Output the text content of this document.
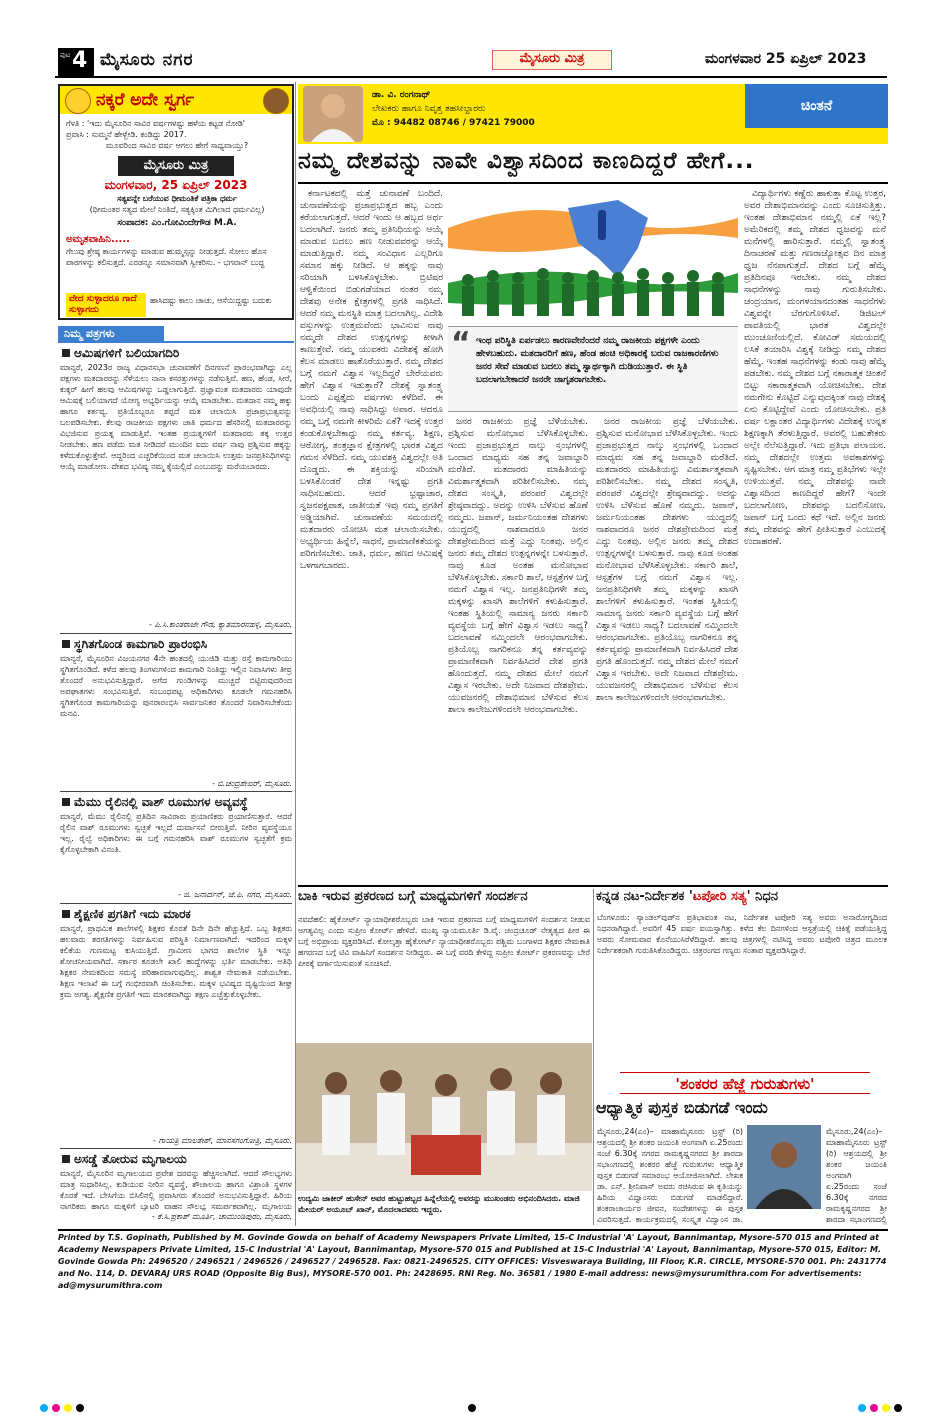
ಪುಟ 4 ಮೈಸೂರು ನಗರ	ಮೈಸೂರು ಮಿತ್ರ	ಮಂಗಳವಾರ 25 ಏಪ್ರಿಲ್ 2023
ನಕ್ಕರೆ ಅದೇ ಸ್ವರ್ಗ
ಗೆಳತಿ : 'ಇದು ಮೈಸೂರಿನ ಸಾವಿರ ವರ್ಷಗಳಷ್ಟು ಹಳೆಯ ಕಟ್ಟಡ ನೋಡಿ'
ಪ್ರವಾಸಿ : ಸುಮ್ಮನೆ ಹೇಳ್ಬೇಡಿ. ಕಂಡಿದ್ದು 2017.
ಮೂವರಿಂದ ಸಾವಿರ ವರ್ಷ ಆಗಲು ಹೇಗೆ ಸಾಧ್ಯವಾಯ್ತು?
ಮೈಸೂರು ಮಿತ್ರ
ಮಂಗಳವಾರ, 25 ಏಪ್ರಿಲ್ 2023
ಸತ್ಯವನ್ನೇ ಬರೆಯುವ ಧೀಮಂತಿಕೆ ಪತ್ರಿಕಾ ಧರ್ಮ
(ಧೀಮಂತರ ಸತ್ಯದ ಮೇಲೆ ನಿಂತಿದೆ, ಸತ್ಯಕ್ಕಿಂತ ಮಿಗಿಲಾದ ಧರ್ಮವಿಲ್ಲ)
ಸಂಪಾದಕ: ಎಂ.ಗೋವಿಂದೇಗೌಡ M.A.
ಅಮೃತವಾಹಿನಿ.....
ಗೆಲುವು ಶ್ರೇಷ್ಠ ಕಾರ್ಯಗಳನ್ನು ಮಾಡುವ ಹುಮ್ಮಸ್ಸನ್ನು ನೀಡುತ್ತದೆ. ಸೋಲು ಹೊಸ ಪಾಠಗಳನ್ನು ಕಲಿಸುತ್ತದೆ. ಎರಡನ್ನೂ ಸಮಾನವಾಗಿ ಸ್ವೀಕರಿಸು. - ಭಗವಾನ್ ಬುದ್ಧ
ವೇದ ಸುಳ್ಳಾದರೂ ಗಾದೆ ಸುಳ್ಳಾಗದು
ಹಾಸಿದಷ್ಟು ಕಾಲು ಚಾಚು, ಆಸೆಯಿದ್ದಷ್ಟು ಬದುಕು
ನಿಮ್ಮ ಪತ್ರಗಳು
ಆಮಿಷಗಳಿಗೆ ಬಲಿಯಾಗದಿರಿ
ಮಾನ್ಯರೆ, 2023ರ ರಾಜ್ಯ ವಿಧಾನಸಭಾ ಚುನಾವಣೆಗೆ ದಿನಗಣನೆ ಪ್ರಾರಂಭವಾಗಿದ್ದು ಎಲ್ಲ ಪಕ್ಷಗಳು ಮತದಾರರನ್ನು ಸೆಳೆಯಲು ನಾನಾ ಕಸರತ್ತುಗಳನ್ನು ನಡೆಸುತ್ತಿವೆ. ಹಣ, ಹೆಂಡ, ಸೀರೆ, ಕುಕ್ಕರ್ ಹೀಗೆ ಹಲವು ಆಮಿಷಗಳನ್ನು ಒಡ್ಡಲಾಗುತ್ತಿದೆ. ಪ್ರಜ್ಞಾವಂತ ಮತದಾರರು ಯಾವುದೇ ಆಮಿಷಕ್ಕೆ ಬಲಿಯಾಗದೆ ಯೋಗ್ಯ ಅಭ್ಯರ್ಥಿಯನ್ನು ಆಯ್ಕೆ ಮಾಡಬೇಕು. ಮತದಾನ ನಮ್ಮ ಹಕ್ಕು ಹಾಗೂ ಕರ್ತವ್ಯ. ಪ್ರತಿಯೊಬ್ಬರೂ ತಪ್ಪದೆ ಮತ ಚಲಾಯಿಸಿ ಪ್ರಜಾಪ್ರಭುತ್ವವನ್ನು ಬಲಪಡಿಸಬೇಕು. ಕೆಲವು ರಾಜಕೀಯ ಪಕ್ಷಗಳು ಜಾತಿ ಧರ್ಮದ ಹೆಸರಿನಲ್ಲಿ ಮತದಾರರನ್ನು ವಿಭಜಿಸುವ ಪ್ರಯತ್ನ ಮಾಡುತ್ತಿವೆ. ಇಂತಹ ಪ್ರಯತ್ನಗಳಿಗೆ ಮತದಾರರು ತಕ್ಕ ಉತ್ತರ ನೀಡಬೇಕು. ಹಣ ಪಡೆದು ಮತ ನೀಡಿದರೆ ಮುಂದಿನ ಐದು ವರ್ಷ ನಾವು ಪ್ರಶ್ನಿಸುವ ಹಕ್ಕನ್ನು ಕಳೆದುಕೊಳ್ಳುತ್ತೇವೆ. ಆದ್ದರಿಂದ ಎಚ್ಚರಿಕೆಯಿಂದ ಮತ ಚಲಾಯಿಸಿ ಉತ್ತಮ ಜನಪ್ರತಿನಿಧಿಗಳನ್ನು ಆಯ್ಕೆ ಮಾಡೋಣ. ದೇಶದ ಭವಿಷ್ಯ ನಮ್ಮ ಕೈಯಲ್ಲಿದೆ ಎಂಬುದನ್ನು ಮರೆಯಬಾರದು.
- ಪಿ.ಸಿ.ಕಾಂತರಾಜೇ ಗೌಡ, ಕ್ಯಾತಮಾರನಹಳ್ಳಿ, ಮೈಸೂರು.
ಸ್ಥಗಿತಗೊಂಡ ಕಾಮಗಾರಿ ಪ್ರಾರಂಭಿಸಿ
ಮಾನ್ಯರೆ, ಮೈಸೂರಿನ ವಿಜಯನಗರ 4ನೇ ಹಂತದಲ್ಲಿ ಯುಜಿಡಿ ಮತ್ತು ರಸ್ತೆ ಕಾಮಗಾರಿಯು ಸ್ಥಗಿತಗೊಂಡಿದೆ. ಕಳೆದ ಹಲವು ತಿಂಗಳುಗಳಿಂದ ಕಾಮಗಾರಿ ನಿಂತಿದ್ದು ಇಲ್ಲಿನ ನಿವಾಸಿಗಳು ತೀವ್ರ ತೊಂದರೆ ಅನುಭವಿಸುತ್ತಿದ್ದಾರೆ. ಅಗೆದ ಗುಂಡಿಗಳನ್ನು ಮುಚ್ಚದೆ ಬಿಟ್ಟಿರುವುದರಿಂದ ಅಪಘಾತಗಳು ಸಂಭವಿಸುತ್ತಿವೆ. ಸಂಬಂಧಪಟ್ಟ ಅಧಿಕಾರಿಗಳು ಕೂಡಲೇ ಗಮನಹರಿಸಿ ಸ್ಥಗಿತಗೊಂಡ ಕಾಮಗಾರಿಯನ್ನು ಪುನರಾರಂಭಿಸಿ ಸಾರ್ವಜನಿಕರ ತೊಂದರೆ ನಿವಾರಿಸಬೇಕೆಂದು ಮನವಿ.
- ಬಿ.ಚಂದ್ರಶೇಖರ್, ಮೈಸೂರು.
ಮೆಮು ರೈಲಿನಲ್ಲಿ ವಾಶ್ ರೂಮುಗಳ ಅವ್ಯವಸ್ಥೆ
ಮಾನ್ಯರೆ, ಮೆಮು ರೈಲಿನಲ್ಲಿ ಪ್ರತಿದಿನ ಸಾವಿರಾರು ಪ್ರಯಾಣಿಕರು ಪ್ರಯಾಣಿಸುತ್ತಾರೆ. ಆದರೆ ರೈಲಿನ ವಾಶ್ ರೂಮುಗಳು ಸ್ವಚ್ಛತೆ ಇಲ್ಲದೆ ದುರ್ವಾಸನೆ ಬೀರುತ್ತಿವೆ. ನೀರಿನ ವ್ಯವಸ್ಥೆಯೂ ಇಲ್ಲ. ರೈಲ್ವೆ ಅಧಿಕಾರಿಗಳು ಈ ಬಗ್ಗೆ ಗಮನಹರಿಸಿ ವಾಶ್ ರೂಮುಗಳ ಸ್ವಚ್ಛತೆಗೆ ಕ್ರಮ ಕೈಗೊಳ್ಳಬೇಕಾಗಿ ವಿನಂತಿ.
- ಜಿ. ಜನಾರ್ದನ್, ಜೆ.ಪಿ. ನಗರ, ಮೈಸೂರು.
ಶೈಕ್ಷಣಿಕ ಪ್ರಗತಿಗೆ ಇದು ಮಾರಕ
ಮಾನ್ಯರೆ, ಪ್ರಾಥಮಿಕ ಶಾಲೆಗಳಲ್ಲಿ ಶಿಕ್ಷಕರ ಕೊರತೆ ದಿನೇ ದಿನೇ ಹೆಚ್ಚುತ್ತಿದೆ. ಒಬ್ಬ ಶಿಕ್ಷಕರು ಹಲವಾರು ತರಗತಿಗಳನ್ನು ನಿರ್ವಹಿಸುವ ಪರಿಸ್ಥಿತಿ ನಿರ್ಮಾಣವಾಗಿದೆ. ಇದರಿಂದ ಮಕ್ಕಳ ಕಲಿಕೆಯ ಗುಣಮಟ್ಟ ಕುಸಿಯುತ್ತಿದೆ. ಗ್ರಾಮೀಣ ಭಾಗದ ಶಾಲೆಗಳ ಸ್ಥಿತಿ ಇನ್ನೂ ಶೋಚನೀಯವಾಗಿದೆ. ಸರ್ಕಾರ ಕೂಡಲೇ ಖಾಲಿ ಹುದ್ದೆಗಳನ್ನು ಭರ್ತಿ ಮಾಡಬೇಕು. ಅತಿಥಿ ಶಿಕ್ಷಕರ ನೇಮಕದಿಂದ ಸಮಸ್ಯೆ ಪರಿಹಾರವಾಗುವುದಿಲ್ಲ. ಶಾಶ್ವತ ನೇಮಕಾತಿ ನಡೆಯಬೇಕು. ಶಿಕ್ಷಣ ಇಲಾಖೆ ಈ ಬಗ್ಗೆ ಗಂಭೀರವಾಗಿ ಚಿಂತಿಸಬೇಕು. ಮಕ್ಕಳ ಭವಿಷ್ಯದ ದೃಷ್ಟಿಯಿಂದ ಶೀಘ್ರ ಕ್ರಮ ಅಗತ್ಯ. ಶೈಕ್ಷಣಿಕ ಪ್ರಗತಿಗೆ ಇದು ಮಾರಕವಾಗಿದ್ದು ತಕ್ಷಣ ಎಚ್ಚೆತ್ತುಕೊಳ್ಳಬೇಕು.
- ಗಾಯತ್ರಿ ಮಾಲತೇಶ್, ಮಾನಸಗಂಗೋತ್ರಿ, ಮೈಸೂರು.
ಅಸಡ್ಡೆ ತೋರುವ ಮೃಗಾಲಯ
ಮಾನ್ಯರೆ, ಮೈಸೂರಿನ ಮೃಗಾಲಯದ ಪ್ರವೇಶ ದರವನ್ನು ಹೆಚ್ಚಿಸಲಾಗಿದೆ. ಆದರೆ ಸೌಲಭ್ಯಗಳು ಮಾತ್ರ ಸುಧಾರಿಸಿಲ್ಲ. ಕುಡಿಯುವ ನೀರಿನ ವ್ಯವಸ್ಥೆ, ಶೌಚಾಲಯ ಹಾಗೂ ವಿಶ್ರಾಂತಿ ಸ್ಥಳಗಳ ಕೊರತೆ ಇದೆ. ಬೇಸಿಗೆಯ ಬಿಸಿಲಿನಲ್ಲಿ ಪ್ರವಾಸಿಗರು ತೊಂದರೆ ಅನುಭವಿಸುತ್ತಿದ್ದಾರೆ. ಹಿರಿಯ ನಾಗರಿಕರು ಹಾಗೂ ಮಕ್ಕಳಿಗೆ ಬ್ಯಾಟರಿ ವಾಹನ ಸೌಲಭ್ಯ ಸಮರ್ಪಕವಾಗಿಲ್ಲ. ಮೃಗಾಲಯ
- ಕೆ.ಸಿ.ಪ್ರಕಾಶ್ ಮೂರ್ತಿ, ಚಾಮುಂಡಿಪುರಂ, ಮೈಸೂರು.
ಡಾ. ವಿ. ರಂಗನಾಥ್
ಲೇಖಕರು ಹಾಗೂ ನಿವೃತ್ತ ತಹಸೀಲ್ದಾರರು
ಮೊ : 94482 08746 / 97421 79000
ಚಿಂತನೆ
ನಮ್ಮ ದೇಶವನ್ನು ನಾವೇ ವಿಶ್ವಾಸದಿಂದ ಕಾಣದಿದ್ದರೆ ಹೇಗೆ...

ಕರ್ನಾಟಕದಲ್ಲಿ ಮತ್ತೆ ಚುನಾವಣೆ ಬಂದಿದೆ. ಚುನಾವಣೆಯನ್ನು ಪ್ರಜಾಪ್ರಭುತ್ವದ ಹಬ್ಬ ಎಂದು ಕರೆಯಲಾಗುತ್ತದೆ. ಆದರೆ ಇಂದು ಆ ಹಬ್ಬದ ಅರ್ಥ ಬದಲಾಗಿದೆ. ಜನರು ತಮ್ಮ ಪ್ರತಿನಿಧಿಯನ್ನು ಆಯ್ಕೆ ಮಾಡುವ ಬದಲು ಹಣ ನೀಡುವವರನ್ನು ಆಯ್ಕೆ ಮಾಡುತ್ತಿದ್ದಾರೆ. ನಮ್ಮ ಸಂವಿಧಾನ ಎಲ್ಲರಿಗೂ ಸಮಾನ ಹಕ್ಕು ನೀಡಿದೆ. ಆ ಹಕ್ಕನ್ನು ನಾವು ಸರಿಯಾಗಿ ಬಳಸಿಕೊಳ್ಳಬೇಕು. ಬ್ರಿಟಿಷರ ಆಳ್ವಿಕೆಯಿಂದ ಬಿಡುಗಡೆಯಾದ ನಂತರ ನಮ್ಮ ದೇಶವು ಅನೇಕ ಕ್ಷೇತ್ರಗಳಲ್ಲಿ ಪ್ರಗತಿ ಸಾಧಿಸಿದೆ. ಆದರೆ ನಮ್ಮ ಮನಸ್ಥಿತಿ ಮಾತ್ರ ಬದಲಾಗಿಲ್ಲ. ವಿದೇಶಿ ವಸ್ತುಗಳನ್ನು ಉತ್ತಮವೆಂದು ಭಾವಿಸುವ ನಾವು ನಮ್ಮದೇ ದೇಶದ ಉತ್ಪನ್ನಗಳನ್ನು ಕೀಳಾಗಿ ಕಾಣುತ್ತೇವೆ. ನಮ್ಮ ಯುವಕರು ವಿದೇಶಕ್ಕೆ ಹೋಗಿ ಕೆಲಸ ಮಾಡಲು ಹಾತೊರೆಯುತ್ತಾರೆ. ನಮ್ಮ ದೇಶದ ಬಗ್ಗೆ ನಮಗೆ ವಿಶ್ವಾಸ ಇಲ್ಲದಿದ್ದರೆ ಬೇರೆಯವರು ಹೇಗೆ ವಿಶ್ವಾಸ ಇಡುತ್ತಾರೆ? ದೇಶಕ್ಕೆ ಸ್ವಾತಂತ್ರ್ಯ ಬಂದು ಎಪ್ಪತ್ತೈದು ವರ್ಷಗಳು ಕಳೆದಿವೆ. ಈ ಅವಧಿಯಲ್ಲಿ ನಾವು ಸಾಧಿಸಿದ್ದು ಅಪಾರ. ಆದರೂ ನಮ್ಮ ಬಗ್ಗೆ ನಮಗೇ ಕೀಳರಿಮೆ ಏಕೆ? ಇದಕ್ಕೆ ಉತ್ತರ ಕಂಡುಕೊಳ್ಳಬೇಕಾದ್ದು ನಮ್ಮ ಕರ್ತವ್ಯ. ಶಿಕ್ಷಣ, ಆರೋಗ್ಯ, ತಂತ್ರಜ್ಞಾನ ಕ್ಷೇತ್ರಗಳಲ್ಲಿ ಭಾರತ ವಿಶ್ವದ ಗಮನ ಸೆಳೆದಿದೆ. ನಮ್ಮ ಯುವಶಕ್ತಿ ವಿಶ್ವದಲ್ಲೇ ಅತಿ ದೊಡ್ಡದು. ಈ ಶಕ್ತಿಯನ್ನು ಸರಿಯಾಗಿ ಬಳಸಿಕೊಂಡರೆ ದೇಶ ಇನ್ನಷ್ಟು ಪ್ರಗತಿ ಸಾಧಿಸಬಹುದು. ಆದರೆ ಭ್ರಷ್ಟಾಚಾರ, ಸ್ವಜನಪಕ್ಷಪಾತ, ಜಾತೀಯತೆ ಇವು ನಮ್ಮ ಪ್ರಗತಿಗೆ ಅಡ್ಡಿಯಾಗಿವೆ. ಚುನಾವಣೆಯ ಸಮಯದಲ್ಲಿ ಮತದಾರರು ಯೋಚಿಸಿ ಮತ ಚಲಾಯಿಸಬೇಕು. ಅಭ್ಯರ್ಥಿಯ ಹಿನ್ನೆಲೆ, ಸಾಧನೆ, ಪ್ರಾಮಾಣಿಕತೆಯನ್ನು ಪರಿಗಣಿಸಬೇಕು. ಜಾತಿ, ಧರ್ಮ, ಹಣದ ಆಮಿಷಕ್ಕೆ ಒಳಗಾಗಬಾರದು.

ಜನರ ರಾಜಕೀಯ ಪ್ರಜ್ಞೆ ಬೆಳೆಯಬೇಕು. ಪ್ರಶ್ನಿಸುವ ಮನೋಭಾವ ಬೆಳೆಸಿಕೊಳ್ಳಬೇಕು. ಇಂದು ಪ್ರಜಾಪ್ರಭುತ್ವದ ನಾಲ್ಕು ಸ್ತಂಭಗಳಲ್ಲಿ ಒಂದಾದ ಮಾಧ್ಯಮ ಸಹ ತನ್ನ ಜವಾಬ್ದಾರಿ ಮರೆತಿದೆ. ಮತದಾರರು ಮಾಹಿತಿಯನ್ನು ವಿಮರ್ಶಾತ್ಮಕವಾಗಿ ಪರಿಶೀಲಿಸಬೇಕು. ನಮ್ಮ ದೇಶದ ಸಂಸ್ಕೃತಿ, ಪರಂಪರೆ ವಿಶ್ವದಲ್ಲೇ ಶ್ರೇಷ್ಠವಾದದ್ದು. ಅದನ್ನು ಉಳಿಸಿ ಬೆಳೆಸುವ ಹೊಣೆ ನಮ್ಮದು. ಜಪಾನ್, ಜರ್ಮನಿಯಂತಹ ದೇಶಗಳು ಯುದ್ಧದಲ್ಲಿ ನಾಶವಾದರೂ ಜನರ ದೇಶಪ್ರೇಮದಿಂದ ಮತ್ತೆ ಎದ್ದು ನಿಂತವು. ಅಲ್ಲಿನ ಜನರು ತಮ್ಮ ದೇಶದ ಉತ್ಪನ್ನಗಳನ್ನೇ ಬಳಸುತ್ತಾರೆ. ನಾವು ಕೂಡ ಅಂತಹ ಮನೋಭಾವ ಬೆಳೆಸಿಕೊಳ್ಳಬೇಕು. ಸರ್ಕಾರಿ ಶಾಲೆ, ಆಸ್ಪತ್ರೆಗಳ ಬಗ್ಗೆ ನಮಗೆ ವಿಶ್ವಾಸ ಇಲ್ಲ. ಜನಪ್ರತಿನಿಧಿಗಳೇ ತಮ್ಮ ಮಕ್ಕಳನ್ನು ಖಾಸಗಿ ಶಾಲೆಗಳಿಗೆ ಕಳುಹಿಸುತ್ತಾರೆ. ಇಂತಹ ಸ್ಥಿತಿಯಲ್ಲಿ ಸಾಮಾನ್ಯ ಜನರು ಸರ್ಕಾರಿ ವ್ಯವಸ್ಥೆಯ ಬಗ್ಗೆ ಹೇಗೆ ವಿಶ್ವಾಸ ಇಡಲು ಸಾಧ್ಯ? ಬದಲಾವಣೆ ನಮ್ಮಿಂದಲೇ ಆರಂಭವಾಗಬೇಕು. ಪ್ರತಿಯೊಬ್ಬ ನಾಗರಿಕನೂ ತನ್ನ ಕರ್ತವ್ಯವನ್ನು ಪ್ರಾಮಾಣಿಕವಾಗಿ ನಿರ್ವಹಿಸಿದರೆ ದೇಶ ಪ್ರಗತಿ ಹೊಂದುತ್ತದೆ. ನಮ್ಮ ದೇಶದ ಮೇಲೆ ನಮಗೆ ವಿಶ್ವಾಸ ಇರಬೇಕು. ಅದೇ ನಿಜವಾದ ದೇಶಪ್ರೇಮ. ಯುವಜನರಲ್ಲಿ ದೇಶಾಭಿಮಾನ ಬೆಳೆಸುವ ಕೆಲಸ ಶಾಲಾ ಕಾಲೇಜುಗಳಿಂದಲೇ ಆರಂಭವಾಗಬೇಕು.

ಜನರ ರಾಜಕೀಯ ಪ್ರಜ್ಞೆ ಬೆಳೆಯಬೇಕು. ಪ್ರಶ್ನಿಸುವ ಮನೋಭಾವ ಬೆಳೆಸಿಕೊಳ್ಳಬೇಕು. ಇಂದು ಪ್ರಜಾಪ್ರಭುತ್ವದ ನಾಲ್ಕು ಸ್ತಂಭಗಳಲ್ಲಿ ಒಂದಾದ ಮಾಧ್ಯಮ ಸಹ ತನ್ನ ಜವಾಬ್ದಾರಿ ಮರೆತಿದೆ. ಮತದಾರರು ಮಾಹಿತಿಯನ್ನು ವಿಮರ್ಶಾತ್ಮಕವಾಗಿ ಪರಿಶೀಲಿಸಬೇಕು. ನಮ್ಮ ದೇಶದ ಸಂಸ್ಕೃತಿ, ಪರಂಪರೆ ವಿಶ್ವದಲ್ಲೇ ಶ್ರೇಷ್ಠವಾದದ್ದು. ಅದನ್ನು ಉಳಿಸಿ ಬೆಳೆಸುವ ಹೊಣೆ ನಮ್ಮದು. ಜಪಾನ್, ಜರ್ಮನಿಯಂತಹ ದೇಶಗಳು ಯುದ್ಧದಲ್ಲಿ ನಾಶವಾದರೂ ಜನರ ದೇಶಪ್ರೇಮದಿಂದ ಮತ್ತೆ ಎದ್ದು ನಿಂತವು. ಅಲ್ಲಿನ ಜನರು ತಮ್ಮ ದೇಶದ ಉತ್ಪನ್ನಗಳನ್ನೇ ಬಳಸುತ್ತಾರೆ. ನಾವು ಕೂಡ ಅಂತಹ ಮನೋಭಾವ ಬೆಳೆಸಿಕೊಳ್ಳಬೇಕು. ಸರ್ಕಾರಿ ಶಾಲೆ, ಆಸ್ಪತ್ರೆಗಳ ಬಗ್ಗೆ ನಮಗೆ ವಿಶ್ವಾಸ ಇಲ್ಲ. ಜನಪ್ರತಿನಿಧಿಗಳೇ ತಮ್ಮ ಮಕ್ಕಳನ್ನು ಖಾಸಗಿ ಶಾಲೆಗಳಿಗೆ ಕಳುಹಿಸುತ್ತಾರೆ. ಇಂತಹ ಸ್ಥಿತಿಯಲ್ಲಿ ಸಾಮಾನ್ಯ ಜನರು ಸರ್ಕಾರಿ ವ್ಯವಸ್ಥೆಯ ಬಗ್ಗೆ ಹೇಗೆ ವಿಶ್ವಾಸ ಇಡಲು ಸಾಧ್ಯ? ಬದಲಾವಣೆ ನಮ್ಮಿಂದಲೇ ಆರಂಭವಾಗಬೇಕು. ಪ್ರತಿಯೊಬ್ಬ ನಾಗರಿಕನೂ ತನ್ನ ಕರ್ತವ್ಯವನ್ನು ಪ್ರಾಮಾಣಿಕವಾಗಿ ನಿರ್ವಹಿಸಿದರೆ ದೇಶ ಪ್ರಗತಿ ಹೊಂದುತ್ತದೆ. ನಮ್ಮ ದೇಶದ ಮೇಲೆ ನಮಗೆ ವಿಶ್ವಾಸ ಇರಬೇಕು. ಅದೇ ನಿಜವಾದ ದೇಶಪ್ರೇಮ. ಯುವಜನರಲ್ಲಿ ದೇಶಾಭಿಮಾನ ಬೆಳೆಸುವ ಕೆಲಸ ಶಾಲಾ ಕಾಲೇಜುಗಳಿಂದಲೇ ಆರಂಭವಾಗಬೇಕು.

ವಿದ್ಯಾರ್ಥಿಗಳು ಕಣ್ಣೆರು ಹಾಕುತ್ತಾ ಕೊಟ್ಟ ಉತ್ತರ, ಅವರ ದೇಶಾಭಿಮಾನವನ್ನು ಎಂದು ಸೂಚಿಸುತ್ತಿತ್ತು. ಇಂತಹ ದೇಶಾಭಿಮಾನ ನಮ್ಮಲ್ಲಿ ಏಕೆ ಇಲ್ಲ? ಅಮೆರಿಕದಲ್ಲಿ ತಮ್ಮ ದೇಶದ ಧ್ವಜವನ್ನು ಮನೆ ಮನೆಗಳಲ್ಲಿ ಹಾರಿಸುತ್ತಾರೆ. ನಮ್ಮಲ್ಲಿ ಸ್ವಾತಂತ್ರ್ಯ ದಿನಾಚರಣೆ ಮತ್ತು ಗಣರಾಜ್ಯೋತ್ಸವ ದಿನ ಮಾತ್ರ ಧ್ವಜ ನೆನಪಾಗುತ್ತದೆ. ದೇಶದ ಬಗ್ಗೆ ಹೆಮ್ಮೆ ಪ್ರತಿದಿನವೂ ಇರಬೇಕು. ನಮ್ಮ ದೇಶದ ಸಾಧನೆಗಳನ್ನು ನಾವು ಗುರುತಿಸಬೇಕು. ಚಂದ್ರಯಾನ, ಮಂಗಳಯಾನದಂತಹ ಸಾಧನೆಗಳು ವಿಶ್ವವನ್ನೇ ಬೆರಗುಗೊಳಿಸಿವೆ. ಡಿಜಿಟಲ್ ಪಾವತಿಯಲ್ಲಿ ಭಾರತ ವಿಶ್ವದಲ್ಲೇ ಮುಂಚೂಣಿಯಲ್ಲಿದೆ. ಕೋವಿಡ್ ಸಮಯದಲ್ಲಿ ಲಸಿಕೆ ತಯಾರಿಸಿ ವಿಶ್ವಕ್ಕೆ ನೀಡಿದ್ದು ನಮ್ಮ ದೇಶದ ಹೆಮ್ಮೆ. ಇಂತಹ ಸಾಧನೆಗಳನ್ನು ಕಂಡು ನಾವು ಹೆಮ್ಮೆ ಪಡಬೇಕು. ನಮ್ಮ ದೇಶದ ಬಗ್ಗೆ ನಕಾರಾತ್ಮಕ ಚಿಂತನೆ ಬಿಟ್ಟು ಸಕಾರಾತ್ಮಕವಾಗಿ ಯೋಚಿಸಬೇಕು. ದೇಶ ನಮಗೇನು ಕೊಟ್ಟಿದೆ ಎನ್ನುವುದಕ್ಕಿಂತ ನಾವು ದೇಶಕ್ಕೆ ಏನು ಕೊಟ್ಟಿದ್ದೇವೆ ಎಂದು ಯೋಚಿಸಬೇಕು. ಪ್ರತಿ ವರ್ಷ ಲಕ್ಷಾಂತರ ವಿದ್ಯಾರ್ಥಿಗಳು ವಿದೇಶಕ್ಕೆ ಉನ್ನತ ಶಿಕ್ಷಣಕ್ಕಾಗಿ ತೆರಳುತ್ತಿದ್ದಾರೆ. ಅವರಲ್ಲಿ ಬಹುತೇಕರು ಅಲ್ಲೇ ನೆಲೆಸುತ್ತಿದ್ದಾರೆ. ಇದು ಪ್ರತಿಭಾ ಪಲಾಯನ. ನಮ್ಮ ದೇಶದಲ್ಲೇ ಉತ್ತಮ ಅವಕಾಶಗಳನ್ನು ಸೃಷ್ಟಿಸಬೇಕು. ಆಗ ಮಾತ್ರ ನಮ್ಮ ಪ್ರತಿಭೆಗಳು ಇಲ್ಲೇ ಉಳಿಯುತ್ತವೆ. ನಮ್ಮ ದೇಶವನ್ನು ನಾವೇ ವಿಶ್ವಾಸದಿಂದ ಕಾಣದಿದ್ದರೆ ಹೇಗೆ? ಇಂದೇ ಬದಲಾಗೋಣ, ದೇಶವನ್ನು ಬದಲಿಸೋಣ. ಜಪಾನ್ ಬಗ್ಗೆ ಒಂದು ಕಥೆ ಇದೆ. ಅಲ್ಲಿನ ಜನರು ತಮ್ಮ ದೇಶವನ್ನು ಹೇಗೆ ಪ್ರೀತಿಸುತ್ತಾರೆ ಎಂಬುದಕ್ಕೆ ಉದಾಹರಣೆ.

ಇಂಥ ಪರಿಸ್ಥಿತಿ ಏರ್ಪಡಲು ಕಾರಣವೇನೆಂದರೆ ನಮ್ಮ ರಾಜಕೀಯ ಪಕ್ಷಗಳೇ ಎಂದು ಹೇಳಬಹುದು. ಮತದಾರರಿಗೆ ಹಣ, ಹೆಂಡ ಹಂಚಿ ಅಧಿಕಾರಕ್ಕೆ ಬರುವ ರಾಜಕಾರಣಿಗಳು ಜನರ ಸೇವೆ ಮಾಡುವ ಬದಲು ತಮ್ಮ ಸ್ವಾರ್ಥಕ್ಕಾಗಿ ದುಡಿಯುತ್ತಾರೆ. ಈ ಸ್ಥಿತಿ ಬದಲಾಗಬೇಕಾದರೆ ಜನರೇ ಜಾಗೃತರಾಗಬೇಕು.
“
ಬಾಕಿ ಇರುವ ಪ್ರಕರಣದ ಬಗ್ಗೆ ಮಾಧ್ಯಮಗಳಿಗೆ ಸಂದರ್ಶನ
ನವದೆಹಲಿ: ಹೈಕೋರ್ಟ್ ನ್ಯಾಯಾಧೀಶರೊಬ್ಬರು ಬಾಕಿ ಇರುವ ಪ್ರಕರಣದ ಬಗ್ಗೆ ಮಾಧ್ಯಮಗಳಿಗೆ ಸಂದರ್ಶನ ನೀಡುವ ಅಗತ್ಯವಿಲ್ಲ ಎಂದು ಸುಪ್ರೀಂ ಕೋರ್ಟ್ ಹೇಳಿದೆ. ಮುಖ್ಯ ನ್ಯಾಯಮೂರ್ತಿ ಡಿ.ವೈ. ಚಂದ್ರಚೂಡ್ ನೇತೃತ್ವದ ಪೀಠ ಈ ಬಗ್ಗೆ ಅಭಿಪ್ರಾಯ ವ್ಯಕ್ತಪಡಿಸಿದೆ. ಕೋಲ್ಕತ್ತಾ ಹೈಕೋರ್ಟ್ ನ್ಯಾಯಾಧೀಶರೊಬ್ಬರು ಪಶ್ಚಿಮ ಬಂಗಾಳದ ಶಿಕ್ಷಕರ ನೇಮಕಾತಿ ಹಗರಣದ ಬಗ್ಗೆ ಟಿವಿ ವಾಹಿನಿಗೆ ಸಂದರ್ಶನ ನೀಡಿದ್ದರು. ಈ ಬಗ್ಗೆ ವರದಿ ಕೇಳಿದ್ದ ಸುಪ್ರೀಂ ಕೋರ್ಟ್ ಪ್ರಕರಣವನ್ನು ಬೇರೆ ಪೀಠಕ್ಕೆ ವರ್ಗಾಯಿಸುವಂತೆ ಸೂಚಿಸಿದೆ.
ಉದ್ಯಮಿ ಜಾಕೀರ್ ಹುಸೇನ್ ಅವರ ಹುಟ್ಟುಹಬ್ಬದ ಹಿನ್ನೆಲೆಯಲ್ಲಿ ಅವರನ್ನು ಮುಖಂಡರು ಅಭಿನಂದಿಸಿದರು. ಮಾಜಿ ಮೇಯರ್ ಅಯೂಬ್ ಖಾನ್, ಮೊದಲಾದವರು ಇದ್ದರು.
ಕನ್ನಡ ನಟ-ನಿರ್ದೇಶಕ 'ಟಪೋರಿ ಸತ್ಯ' ನಿಧನ
ಬೆಂಗಳೂರು: ಸ್ಯಾಂಡಲ್‌ವುಡ್‌ನ ಪ್ರತಿಭಾವಂತ ನಟ, ನಿರ್ದೇಶಕ ಟಪೋರಿ ಸತ್ಯ ಅವರು ಅನಾರೋಗ್ಯದಿಂದ ನಿಧನರಾಗಿದ್ದಾರೆ. ಅವರಿಗೆ 45 ವರ್ಷ ವಯಸ್ಸಾಗಿತ್ತು. ಕಳೆದ ಕೆಲ ದಿನಗಳಿಂದ ಆಸ್ಪತ್ರೆಯಲ್ಲಿ ಚಿಕಿತ್ಸೆ ಪಡೆಯುತ್ತಿದ್ದ ಅವರು ಸೋಮವಾರ ಕೊನೆಯುಸಿರೆಳೆದಿದ್ದಾರೆ. ಹಲವು ಚಿತ್ರಗಳಲ್ಲಿ ನಟಿಸಿದ್ದ ಅವರು ಟಪೋರಿ ಚಿತ್ರದ ಮೂಲಕ ನಿರ್ದೇಶಕರಾಗಿ ಗುರುತಿಸಿಕೊಂಡಿದ್ದರು. ಚಿತ್ರರಂಗದ ಗಣ್ಯರು ಸಂತಾಪ ವ್ಯಕ್ತಪಡಿಸಿದ್ದಾರೆ.
'ಶಂಕರರ ಹೆಜ್ಜೆ ಗುರುತುಗಳು'
ಆಧ್ಯಾತ್ಮಿಕ ಪುಸ್ತಕ ಬಿಡುಗಡೆ ಇಂದು
ಮೈಸೂರು,24(ಎಂ)– ಮಾಹಾಮೈಸೂರು ಟ್ರಸ್ಟ್ (ರಿ) ಆಶ್ರಯದಲ್ಲಿ ಶ್ರೀ ಶಂಕರ ಜಯಂತಿ ಅಂಗವಾಗಿ ಏ.25ರಂದು ಸಂಜೆ 6.30ಕ್ಕೆ ನಗರದ ರಾಮಕೃಷ್ಣನಗರದ ಶ್ರೀ ಶಾರದಾ ಸಭಾಂಗಣದಲ್ಲಿ ಶಂಕರರ ಹೆಜ್ಜೆ ಗುರುತುಗಳು ಆಧ್ಯಾತ್ಮಿಕ ಪುಸ್ತಕ ಬಿಡುಗಡೆ ಸಮಾರಂಭ ಆಯೋಜಿಸಲಾಗಿದೆ. ಲೇಖಕ ಡಾ. ಎನ್. ಶ್ರೀನಿವಾಸ್ ಅವರು ರಚಿಸಿರುವ ಈ ಕೃತಿಯನ್ನು ಹಿರಿಯ ವಿದ್ವಾಂಸರು ಬಿಡುಗಡೆ ಮಾಡಲಿದ್ದಾರೆ. ಶಂಕರಾಚಾರ್ಯರ ಜೀವನ, ಸಂದೇಶಗಳನ್ನು ಈ ಪುಸ್ತಕ ವಿವರಿಸುತ್ತದೆ. ಕಾರ್ಯಕ್ರಮದಲ್ಲಿ ಸಂಸ್ಕೃತ ವಿದ್ವಾಂಸ ಡಾ.
ಮೈಸೂರು,24(ಎಂ)– ಮಾಹಾಮೈಸೂರು ಟ್ರಸ್ಟ್ (ರಿ) ಆಶ್ರಯದಲ್ಲಿ ಶ್ರೀ ಶಂಕರ ಜಯಂತಿ ಅಂಗವಾಗಿ ಏ.25ರಂದು ಸಂಜೆ 6.30ಕ್ಕೆ ನಗರದ ರಾಮಕೃಷ್ಣನಗರದ ಶ್ರೀ ಶಾರದಾ ಸಭಾಂಗಣದಲ್ಲಿ
Printed by T.S. Gopinath, Published by M. Govinde Gowda on behalf of Academy Newspapers Private Limited, 15-C Industrial 'A' Layout, Bannimantap, Mysore-570 015 and Printed at Academy Newspapers Private Limited, 15-C Industrial 'A' Layout, Bannimantap, Mysore-570 015 and Published at 15-C Industrial 'A' Layout, Bannimantap, Mysore-570 015, Editor: M. Govinde Gowda Ph: 2496520 / 2496521 / 2496526 / 2496527 / 2496528. Fax: 0821-2496525. CITY OFFICES: Visveswaraya Building, III Floor, K.R. CIRCLE, MYSORE-570 001. Ph: 2431774 and No. 114, D. DEVARAJ URS ROAD (Opposite Big Bus), MYSORE-570 001. Ph: 2428695. RNI Reg. No. 36581 / 1980 E-mail address: news@mysurumithra.com For advertisements: ad@mysurumithra.com
